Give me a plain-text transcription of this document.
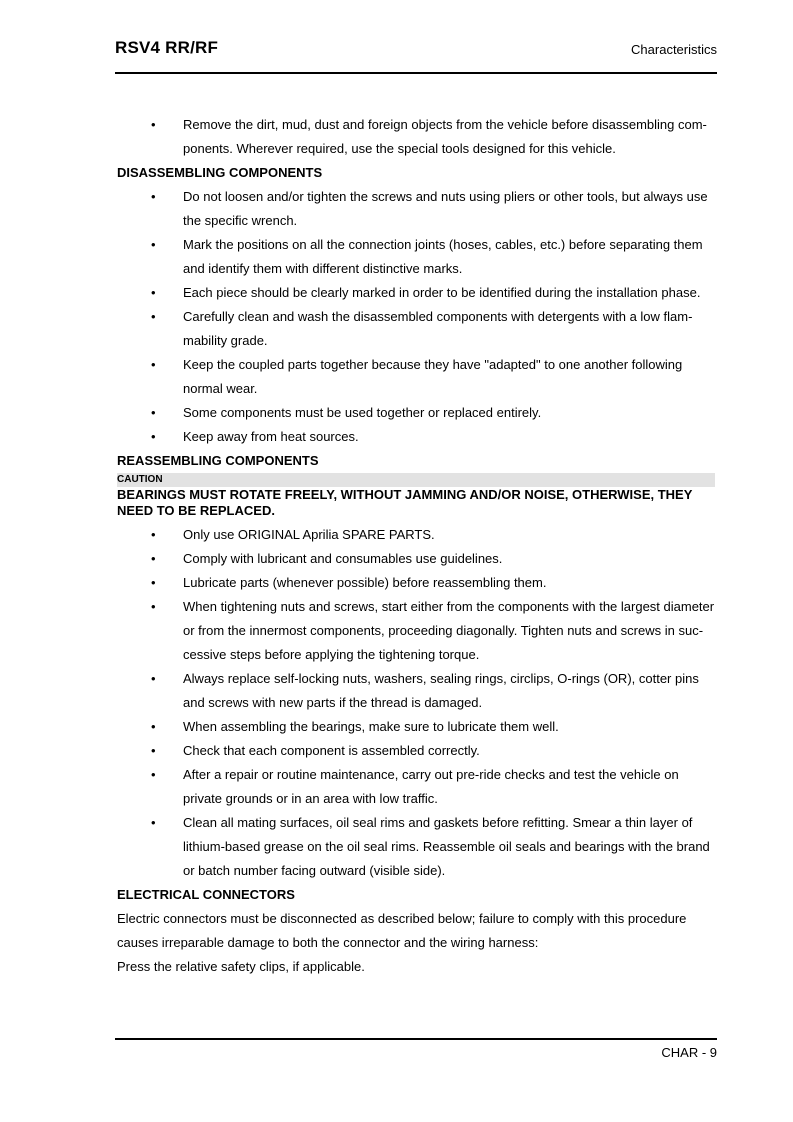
RSV4 RR/RF	Characteristics
• Remove the dirt, mud, dust and foreign objects from the vehicle before disassembling com-ponents. Wherever required, use the special tools designed for this vehicle.
DISASSEMBLING COMPONENTS
• Do not loosen and/or tighten the screws and nuts using pliers or other tools, but always use the specific wrench.
• Mark the positions on all the connection joints (hoses, cables, etc.) before separating them and identify them with different distinctive marks.
• Each piece should be clearly marked in order to be identified during the installation phase.
• Carefully clean and wash the disassembled components with detergents with a low flam-mability grade.
• Keep the coupled parts together because they have "adapted" to one another following normal wear.
• Some components must be used together or replaced entirely.
• Keep away from heat sources.
REASSEMBLING COMPONENTS
CAUTION
BEARINGS MUST ROTATE FREELY, WITHOUT JAMMING AND/OR NOISE, OTHERWISE, THEY NEED TO BE REPLACED.
• Only use ORIGINAL Aprilia SPARE PARTS.
• Comply with lubricant and consumables use guidelines.
• Lubricate parts (whenever possible) before reassembling them.
• When tightening nuts and screws, start either from the components with the largest diameter or from the innermost components, proceeding diagonally. Tighten nuts and screws in suc-cessive steps before applying the tightening torque.
• Always replace self-locking nuts, washers, sealing rings, circlips, O-rings (OR), cotter pins and screws with new parts if the thread is damaged.
• When assembling the bearings, make sure to lubricate them well.
• Check that each component is assembled correctly.
• After a repair or routine maintenance, carry out pre-ride checks and test the vehicle on private grounds or in an area with low traffic.
• Clean all mating surfaces, oil seal rims and gaskets before refitting. Smear a thin layer of lithium-based grease on the oil seal rims. Reassemble oil seals and bearings with the brand or batch number facing outward (visible side).
ELECTRICAL CONNECTORS
Electric connectors must be disconnected as described below; failure to comply with this procedure causes irreparable damage to both the connector and the wiring harness:
Press the relative safety clips, if applicable.
CHAR - 9
